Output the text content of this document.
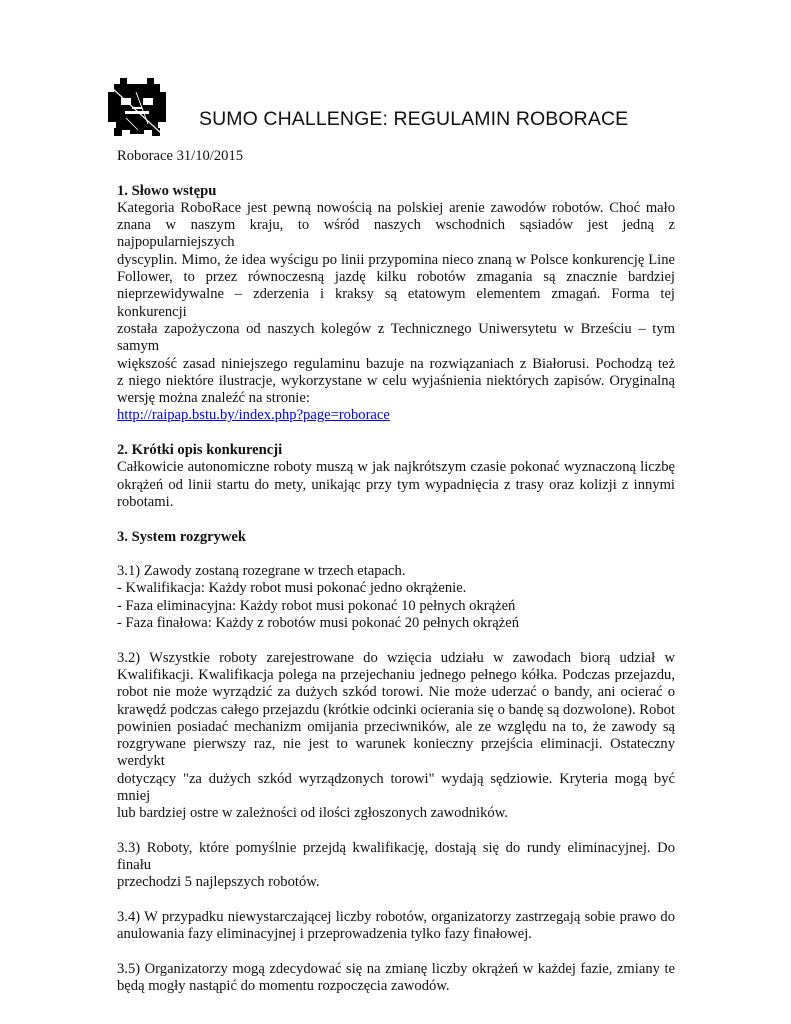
SUMO CHALLENGE: REGULAMIN ROBORACE

Roborace 31/10/2015

1. Słowo wstępu

Kategoria RoboRace jest pewną nowością na polskiej arenie zawodów robotów. Choć mało

znana w naszym kraju, to wśród naszych wschodnich sąsiadów jest jedną z najpopularniejszych

dyscyplin. Mimo, że idea wyścigu po linii przypomina nieco znaną w Polsce konkurencję Line

Follower, to przez równoczesną jazdę kilku robotów zmagania są znacznie bardziej

nieprzewidywalne – zderzenia i kraksy są etatowym elementem zmagań. Forma tej konkurencji

została zapożyczona od naszych kolegów z Technicznego Uniwersytetu w Brześciu – tym samym

większość zasad niniejszego regulaminu bazuje na rozwiązaniach z Białorusi. Pochodzą też

z niego niektóre ilustracje, wykorzystane w celu wyjaśnienia niektórych zapisów. Oryginalną

wersję można znaleźć na stronie:

http://raipap.bstu.by/index.php?page=roborace

2. Krótki opis konkurencji

Całkowicie autonomiczne roboty muszą w jak najkrótszym czasie pokonać wyznaczoną liczbę

okrążeń od linii startu do mety, unikając przy tym wypadnięcia z trasy oraz kolizji z innymi

robotami.

3. System rozgrywek

3.1) Zawody zostaną rozegrane w trzech etapach.

- Kwalifikacja: Każdy robot musi pokonać jedno okrążenie.

- Faza eliminacyjna: Każdy robot musi pokonać 10 pełnych okrążeń

- Faza finałowa: Każdy z robotów musi pokonać 20 pełnych okrążeń

3.2) Wszystkie roboty zarejestrowane do wzięcia udziału w zawodach biorą udział w

Kwalifikacji. Kwalifikacja polega na przejechaniu jednego pełnego kółka. Podczas przejazdu,

robot nie może wyrządzić za dużych szkód torowi. Nie może uderzać o bandy, ani ocierać o

krawędź podczas całego przejazdu (krótkie odcinki ocierania się o bandę są dozwolone). Robot

powinien posiadać mechanizm omijania przeciwników, ale ze względu na to, że zawody są

rozgrywane pierwszy raz, nie jest to warunek konieczny przejścia eliminacji. Ostateczny werdykt

dotyczący "za dużych szkód wyrządzonych torowi" wydają sędziowie. Kryteria mogą być mniej

lub bardziej ostre w zależności od ilości zgłoszonych zawodników.

3.3) Roboty, które pomyślnie przejdą kwalifikację, dostają się do rundy eliminacyjnej. Do finału

przechodzi 5 najlepszych robotów.

3.4) W przypadku niewystarczającej liczby robotów, organizatorzy zastrzegają sobie prawo do

anulowania fazy eliminacyjnej i przeprowadzenia tylko fazy finałowej.

3.5) Organizatorzy mogą zdecydować się na zmianę liczby okrążeń w każdej fazie, zmiany te

będą mogły nastąpić do momentu rozpoczęcia zawodów.
